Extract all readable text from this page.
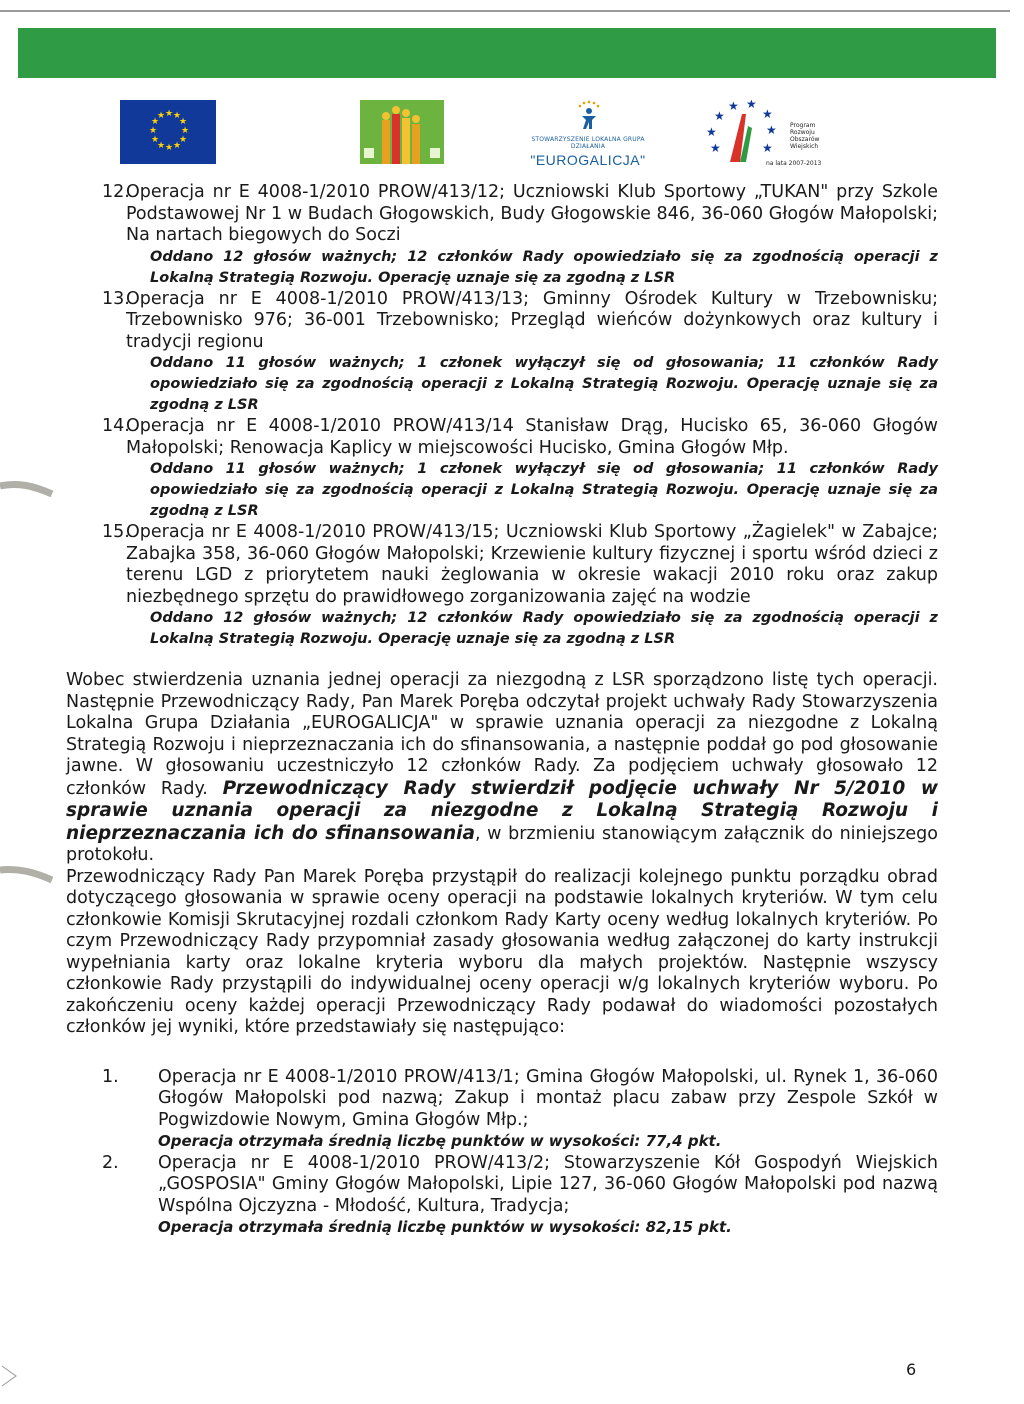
★ ★
★
★
★
★
★
★
★
★
★
★
STOWARZYSZENIE LOKALNA GRUPA DZIAŁANIA
"EUROGALICJA"
★
★ ★
★
★	★
★	★
Program Rozwoju Obszarów Wiejskich
na lata 2007-2013
12.
Operacja nr E 4008-1/2010 PROW/413/12; Uczniowski Klub Sportowy „TUKAN" przy Szkole Podstawowej Nr 1 w Budach Głogowskich, Budy Głogowskie 846, 36-060 Głogów Małopolski; Na nartach biegowych do Soczi
Oddano 12 głosów ważnych; 12 członków Rady opowiedziało się za zgodnością operacji z Lokalną Strategią Rozwoju. Operację uznaje się za zgodną z LSR
13.
Operacja nr E 4008-1/2010 PROW/413/13; Gminny Ośrodek Kultury w Trzebownisku; Trzebownisko 976; 36-001 Trzebownisko; Przegląd wieńców dożynkowych oraz kultury i tradycji regionu
Oddano 11 głosów ważnych; 1 członek wyłączył się od głosowania; 11 członków Rady opowiedziało się za zgodnością operacji z Lokalną Strategią Rozwoju. Operację uznaje się za zgodną z LSR
14.
Operacja nr E 4008-1/2010 PROW/413/14 Stanisław Drąg, Hucisko 65, 36-060 Głogów Małopolski; Renowacja Kaplicy w miejscowości Hucisko, Gmina Głogów Młp.
Oddano 11 głosów ważnych; 1 członek wyłączył się od głosowania; 11 członków Rady opowiedziało się za zgodnością operacji z Lokalną Strategią Rozwoju. Operację uznaje się za zgodną z LSR
15.
Operacja nr E 4008-1/2010 PROW/413/15; Uczniowski Klub Sportowy „Żagielek" w Zabajce; Zabajka 358, 36-060 Głogów Małopolski; Krzewienie kultury fizycznej i sportu wśród dzieci z terenu LGD z priorytetem nauki żeglowania w okresie wakacji 2010 roku oraz zakup niezbędnego sprzętu do prawidłowego zorganizowania zajęć na wodzie
Oddano 12 głosów ważnych; 12 członków Rady opowiedziało się za zgodnością operacji z Lokalną Strategią Rozwoju. Operację uznaje się za zgodną z LSR

Wobec stwierdzenia uznania jednej operacji za niezgodną z LSR sporządzono listę tych operacji. Następnie Przewodniczący Rady, Pan Marek Poręba odczytał projekt uchwały Rady Stowarzyszenia Lokalna Grupa Działania „EUROGALICJA" w sprawie uznania operacji za niezgodne z Lokalną Strategią Rozwoju i nieprzeznaczania ich do sfinansowania, a następnie poddał go pod głosowanie jawne. W głosowaniu uczestniczyło 12 członków Rady. Za podjęciem uchwały głosowało 12 członków Rady. Przewodniczący Rady stwierdził podjęcie uchwały Nr 5/2010 w sprawie uznania operacji za niezgodne z Lokalną Strategią Rozwoju i nieprzeznaczania ich do sfinansowania, w brzmieniu stanowiącym załącznik do niniejszego protokołu.

Przewodniczący Rady Pan Marek Poręba przystąpił do realizacji kolejnego punktu porządku obrad dotyczącego głosowania w sprawie oceny operacji na podstawie lokalnych kryteriów. W tym celu członkowie Komisji Skrutacyjnej rozdali członkom Rady Karty oceny według lokalnych kryteriów. Po czym Przewodniczący Rady przypomniał zasady głosowania według załączonej do karty instrukcji wypełniania karty oraz lokalne kryteria wyboru dla małych projektów. Następnie wszyscy członkowie Rady przystąpili do indywidualnej oceny operacji w/g lokalnych kryteriów wyboru. Po zakończeniu oceny każdej operacji Przewodniczący Rady podawał do wiadomości pozostałych członków jej wyniki, które przedstawiały się następująco:

1. Operacja nr E 4008-1/2010 PROW/413/1; Gmina Głogów Małopolski, ul. Rynek 1, 36-060 Głogów Małopolski pod nazwą; Zakup i montaż placu zabaw przy Zespole Szkół w Pogwizdowie Nowym, Gmina Głogów Młp.;
Operacja otrzymała średnią liczbę punktów w wysokości: 77,4 pkt.
2. Operacja nr E 4008-1/2010 PROW/413/2; Stowarzyszenie Kół Gospodyń Wiejskich „GOSPOSIA" Gminy Głogów Małopolski, Lipie 127, 36-060 Głogów Małopolski pod nazwą Wspólna Ojczyzna - Młodość, Kultura, Tradycja;
Operacja otrzymała średnią liczbę punktów w wysokości: 82,15 pkt.
6
